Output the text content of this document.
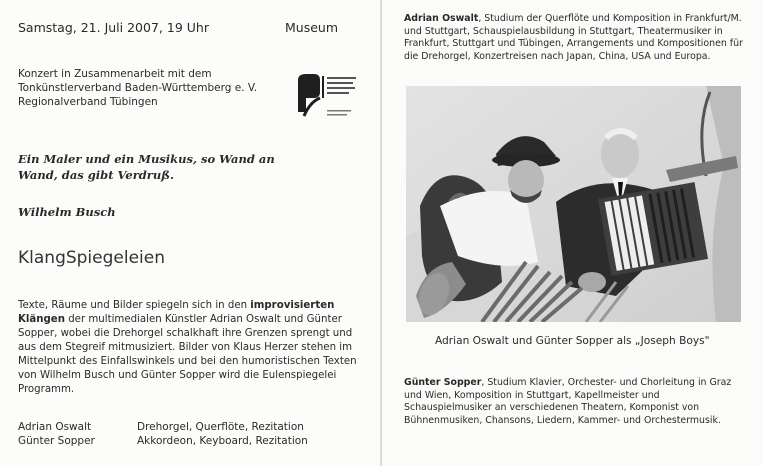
Samstag, 21. Juli 2007, 19 Uhr	Museum
Konzert in Zusammenarbeit mit dem Tonkünstlerverband Baden-Württemberg e. V. Regionalverband Tübingen
Ein Maler und ein Musikus, so Wand an Wand, das gibt Verdruß.
Wilhelm Busch
KlangSpiegeleien
Texte, Räume und Bilder spiegeln sich in den improvisierten Klängen der multimedialen Künstler Adrian Oswalt und Günter Sopper, wobei die Drehorgel schalkhaft ihre Grenzen sprengt und aus dem Stegreif mitmusiziert. Bilder von Klaus Herzer stehen im Mittelpunkt des Einfallswinkels und bei den humoristischen Texten von Wilhelm Busch und Günter Sopper wird die Eulenspiegelei Programm.
Adrian Oswalt	Drehorgel, Querflöte, Rezitation
Günter Sopper	Akkordeon, Keyboard, Rezitation
Adrian Oswalt, Studium der Querflöte und Komposition in Frankfurt/M. und Stuttgart, Schauspielausbildung in Stuttgart, Theatermusiker in Frankfurt, Stuttgart und Tübingen, Arrangements und Kompositionen für die Drehorgel, Konzertreisen nach Japan, China, USA und Europa.
Adrian Oswalt und Günter Sopper als „Joseph Boys"
Günter Sopper, Studium Klavier, Orchester- und Chorleitung in Graz und Wien, Komposition in Stuttgart, Kapellmeister und Schauspielmusiker an verschiedenen Theatern, Komponist von Bühnenmusiken, Chansons, Liedern, Kammer- und Orchestermusik.
